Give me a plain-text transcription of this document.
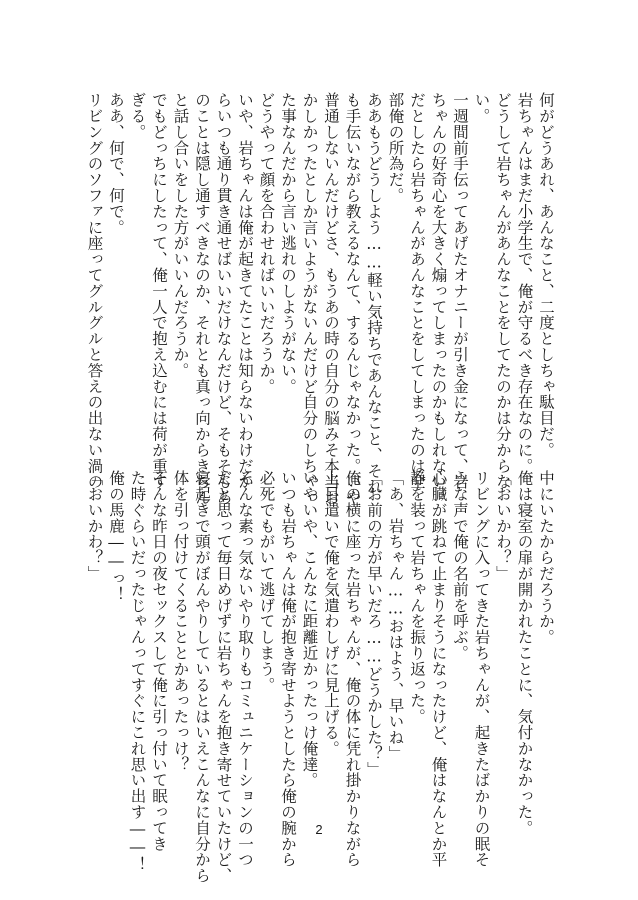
何がどうあれ、あんなこと、二度としちゃ駄目だ。
岩ちゃんはまだ小学生で、俺が守るべき存在なのに。
どうして岩ちゃんがあんなことをしてたのかは分からな
い。
一週間前手伝ってあげたオナニーが引き金になって、岩
ちゃんの好奇心を大きく煽ってしまったのかもしれない。
だとしたら岩ちゃんがあんなことをしてしまったのは全
部俺の所為だ。
ああもうどうしよう……軽い気持ちであんなこと、それ
も手伝いながら教えるなんて、するんじゃなかった。いや
普通しないんだけどさ、もうあの時の自分の脳みそ本当お
かしかったとしか言いようがないんだけど自分のしちゃっ
た事なんだから言い逃れのしようがない。
どうやって顔を合わせればいいだろうか。
いや、岩ちゃんは俺が起きてたことは知らないわけだか
らいつも通り貫き通せばいいだけなんだけど、そもそもあ
のことは隠し通すべきなのか、それとも真っ向からきちん
と話し合いをした方がいいんだろうか。
でもどっちにしたって、俺一人で抱え込むには荷が重す
ぎる。
ああ、何で、何で。
リビングのソファに座ってグルグルと答えの出ない渦の
中にいたからだろうか。
俺は寝室の扉が開かれたことに、気付かなかった。
「おいかわ？」
リビングに入ってきた岩ちゃんが、起きたばかりの眠そ
うな声で俺の名前を呼ぶ。
心臓が跳ねて止まりそうになったけど、俺はなんとか平
静を装って岩ちゃんを振り返った。
「あ、岩ちゃん……おはよう、早いね」
「お前の方が早いだろ……どうかした？」
俺の横に座った岩ちゃんが、俺の体に凭れ掛かりながら
上目遣いで俺を気遣わしげに見上げる。
いやいや、こんなに距離近かったっけ俺達。
いつも岩ちゃんは俺が抱き寄せようとしたら俺の腕から
必死でもがいて逃げてしまう。
そんな素っ気ないやり取りもコミュニケーションの一つ
だと思って毎日めげずに岩ちゃんを抱き寄せていたけど、
寝起きで頭がぼんやりしているとはいえこんなに自分から
体を引っ付けてくることとかあったっけ？
そんな昨日の夜セックスして俺に引っ付いて眠ってき
た時ぐらいだったじゃんってすぐにこれ思い出す――！
俺の馬鹿――っ！
「おいかわ？」
2
